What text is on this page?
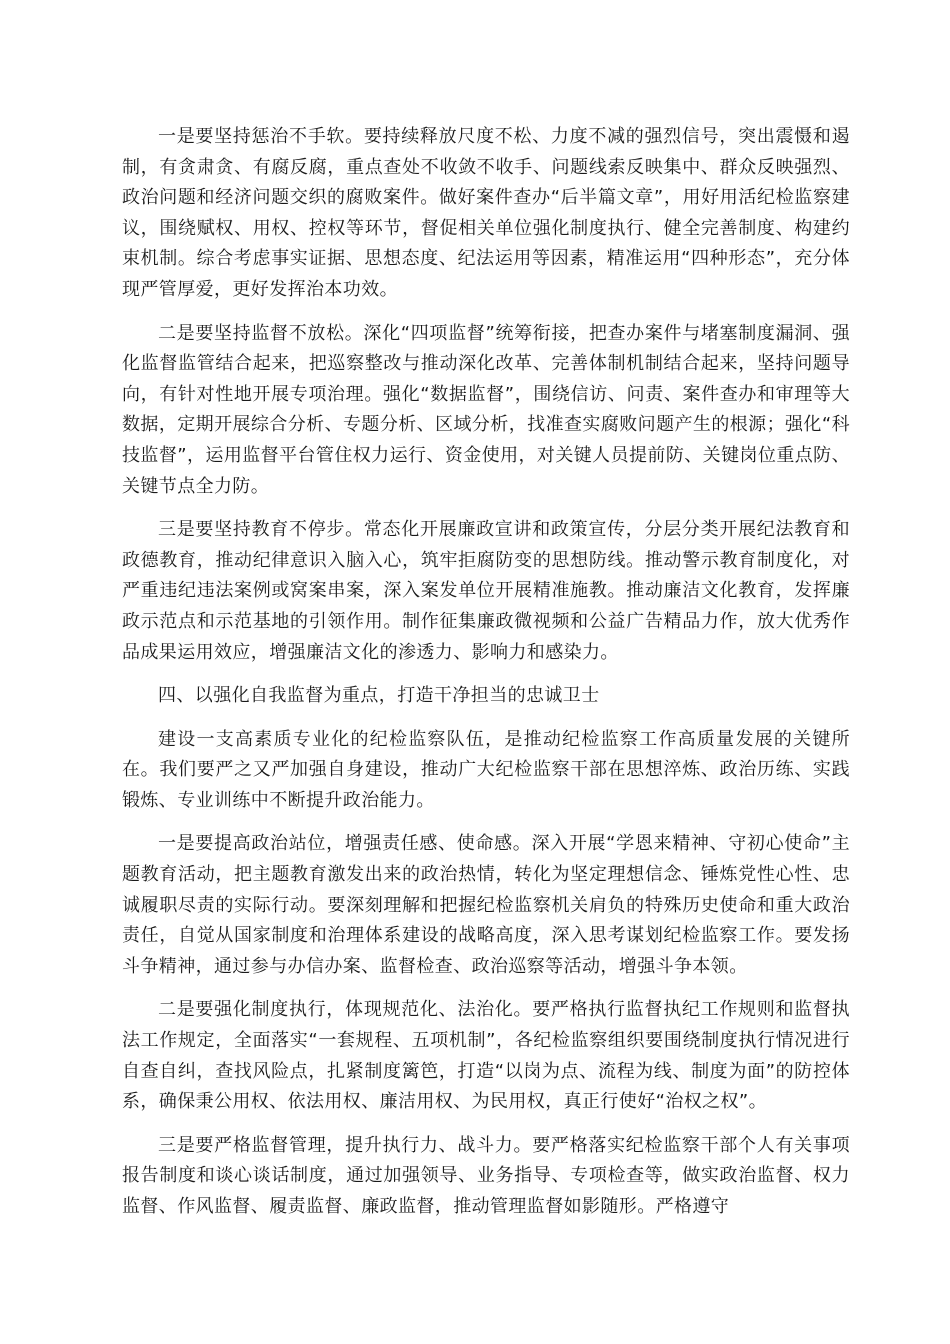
一是要坚持惩治不手软。要持续释放尺度不松、力度不减的强烈信号，突出震慑和遏制，有贪肃贪、有腐反腐，重点查处不收敛不收手、问题线索反映集中、群众反映强烈、政治问题和经济问题交织的腐败案件。做好案件查办“后半篇文章”，用好用活纪检监察建议，围绕赋权、用权、控权等环节，督促相关单位强化制度执行、健全完善制度、构建约束机制。综合考虑事实证据、思想态度、纪法运用等因素，精准运用“四种形态”，充分体现严管厚爱，更好发挥治本功效。

二是要坚持监督不放松。深化“四项监督”统筹衔接，把查办案件与堵塞制度漏洞、强化监督监管结合起来，把巡察整改与推动深化改革、完善体制机制结合起来，坚持问题导向，有针对性地开展专项治理。强化“数据监督”，围绕信访、问责、案件查办和审理等大数据，定期开展综合分析、专题分析、区域分析，找准查实腐败问题产生的根源；强化“科技监督”，运用监督平台管住权力运行、资金使用，对关键人员提前防、关键岗位重点防、关键节点全力防。

三是要坚持教育不停步。常态化开展廉政宣讲和政策宣传，分层分类开展纪法教育和政德教育，推动纪律意识入脑入心，筑牢拒腐防变的思想防线。推动警示教育制度化，对严重违纪违法案例或窝案串案，深入案发单位开展精准施教。推动廉洁文化教育，发挥廉政示范点和示范基地的引领作用。制作征集廉政微视频和公益广告精品力作，放大优秀作品成果运用效应，增强廉洁文化的渗透力、影响力和感染力。

四、以强化自我监督为重点，打造干净担当的忠诚卫士

建设一支高素质专业化的纪检监察队伍，是推动纪检监察工作高质量发展的关键所在。我们要严之又严加强自身建设，推动广大纪检监察干部在思想淬炼、政治历练、实践锻炼、专业训练中不断提升政治能力。

一是要提高政治站位，增强责任感、使命感。深入开展“学恩来精神、守初心使命”主题教育活动，把主题教育激发出来的政治热情，转化为坚定理想信念、锤炼党性心性、忠诚履职尽责的实际行动。要深刻理解和把握纪检监察机关肩负的特殊历史使命和重大政治责任，自觉从国家制度和治理体系建设的战略高度，深入思考谋划纪检监察工作。要发扬斗争精神，通过参与办信办案、监督检查、政治巡察等活动，增强斗争本领。

二是要强化制度执行，体现规范化、法治化。要严格执行监督执纪工作规则和监督执法工作规定，全面落实“一套规程、五项机制”，各纪检监察组织要围绕制度执行情况进行自查自纠，查找风险点，扎紧制度篱笆，打造“以岗为点、流程为线、制度为面”的防控体系，确保秉公用权、依法用权、廉洁用权、为民用权，真正行使好“治权之权”。

三是要严格监督管理，提升执行力、战斗力。要严格落实纪检监察干部个人有关事项报告制度和谈心谈话制度，通过加强领导、业务指导、专项检查等，做实政治监督、权力监督、作风监督、履责监督、廉政监督，推动管理监督如影随形。严格遵守
